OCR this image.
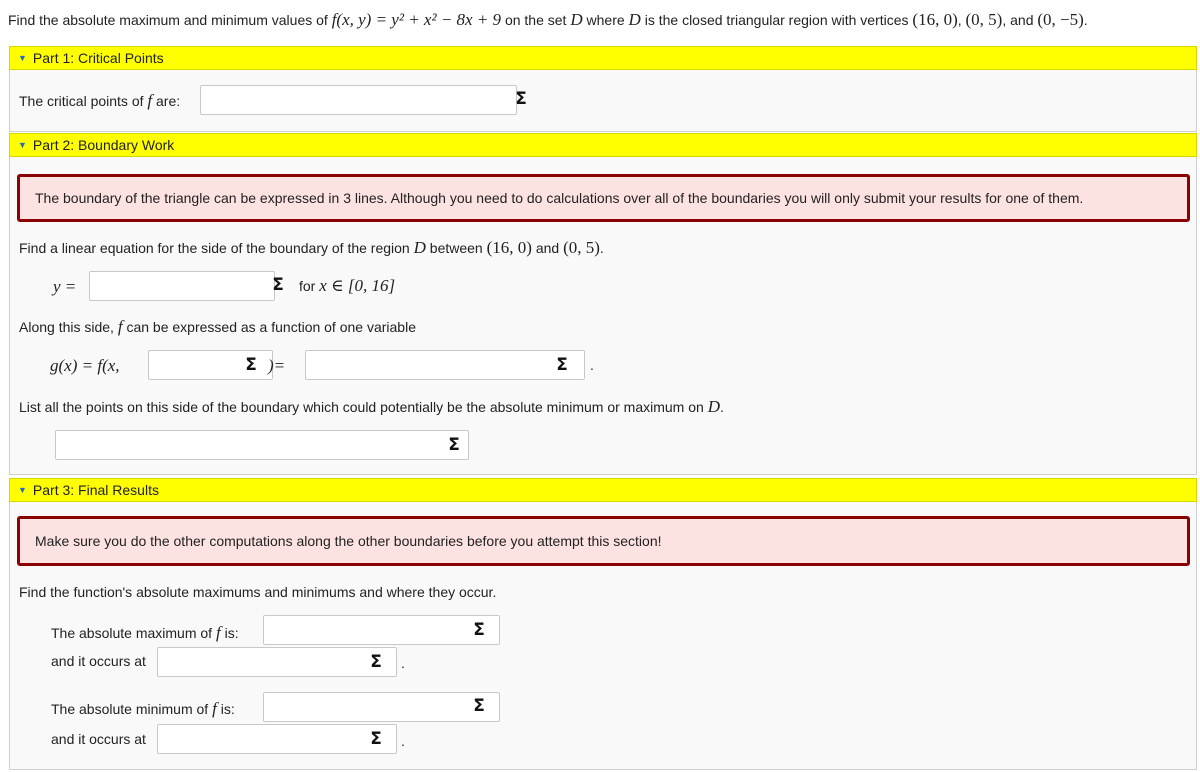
Find the absolute maximum and minimum values of f(x, y) = y² + x² − 8x + 9 on the set D where D is the closed triangular region with vertices (16, 0), (0, 5), and (0, −5).
▼ Part 1: Critical Points
The critical points of f are:	Σ
▼ Part 2: Boundary Work
The boundary of the triangle can be expressed in 3 lines. Although you need to do calculations over all of the boundaries you will only submit your results for one of them.
Find a linear equation for the side of the boundary of the region D between (16, 0) and (0, 5).
y =	Σ	for x ∈ [0, 16]
Along this side, f can be expressed as a function of one variable
g(x) = f(x,	Σ )=	Σ	.
List all the points on this side of the boundary which could potentially be the absolute minimum or maximum on D.
Σ
▼ Part 3: Final Results
Make sure you do the other computations along the other boundaries before you attempt this section!
Find the function's absolute maximums and minimums and where they occur.
The absolute maximum of f is:	Σ
and it occurs at	Σ	.
The absolute minimum of f is:	Σ
and it occurs at	Σ	.
